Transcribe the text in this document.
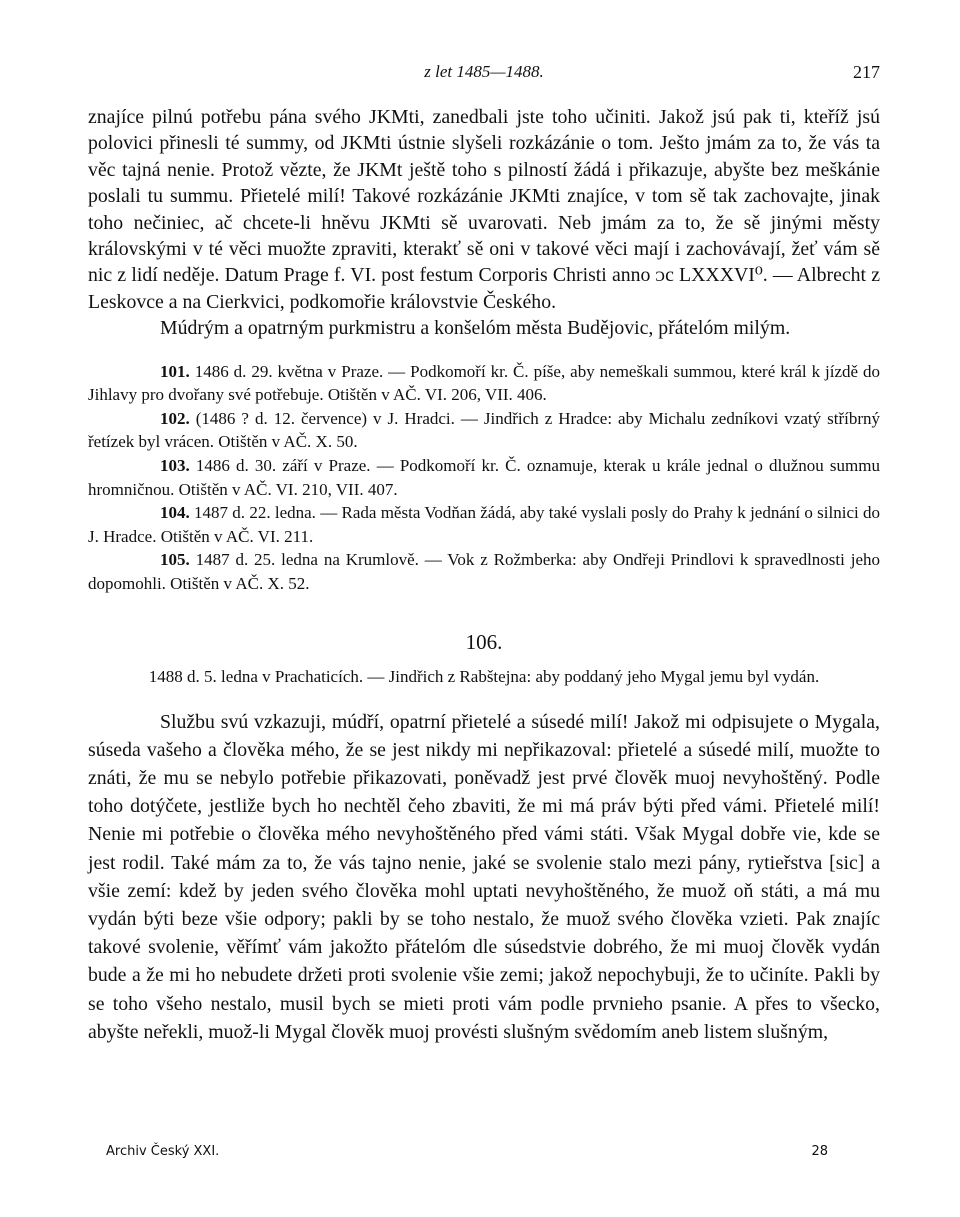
z let 1485—1488.	217

znajíce pilnú potřebu pána svého JKMti, zanedbali jste toho učiniti. Jakož jsú pak ti, kteříž jsú polovici přinesli té summy, od JKMti ústnie slyšeli rozkázánie o tom. Ješto jmám za to, že vás ta věc tajná nenie. Protož vězte, že JKMt ještě toho s pilností žádá i přikazuje, abyšte bez meškánie poslali tu summu. Přietelé milí! Takové rozkázánie JKMti znajíce, v tom sě tak zachovajte, jinak toho nečiniec, ač chcete-li hněvu JKMti sě uvarovati. Neb jmám za to, že sě jinými městy královskými v té věci muožte zpraviti, kterakť sě oni v takové věci mají i zachovávají, žeť vám sě nic z lidí neděje. Datum Prage f. VI. post festum Corporis Christi anno ᴐc LXXXVI⁰. — Albrecht z Leskovce a na Cierkvici, podkomořie královstvie Českého.

Múdrým a opatrným purkmistru a konšelóm města Budějovic, přátelóm milým.

101. 1486 d. 29. května v Praze. — Podkomoří kr. Č. píše, aby nemeškali summou, které král k jízdě do Jihlavy pro dvořany své potřebuje. Otištěn v AČ. VI. 206, VII. 406.

102. (1486 ? d. 12. července) v J. Hradci. — Jindřich z Hradce: aby Michalu zedníkovi vzatý stříbrný řetízek byl vrácen. Otištěn v AČ. X. 50.

103. 1486 d. 30. září v Praze. — Podkomoří kr. Č. oznamuje, kterak u krále jednal o dlužnou summu hromničnou. Otištěn v AČ. VI. 210, VII. 407.

104. 1487 d. 22. ledna. — Rada města Vodňan žádá, aby také vyslali posly do Prahy k jednání o silnici do J. Hradce. Otištěn v AČ. VI. 211.

105. 1487 d. 25. ledna na Krumlově. — Vok z Rožmberka: aby Ondřeji Prindlovi k spravedlnosti jeho dopomohli. Otištěn v AČ. X. 52.

106.

1488 d. 5. ledna v Prachaticích. — Jindřich z Rabštejna: aby poddaný jeho Mygal jemu byl vydán.

Službu svú vzkazuji, múdří, opatrní přietelé a súsedé milí! Jakož mi odpisujete o Mygala, súseda vašeho a člověka mého, že se jest nikdy mi nepřikazoval: přietelé a súsedé milí, muožte to znáti, že mu se nebylo potřebie přikazovati, poněvadž jest prvé člověk muoj nevyhoštěný. Podle toho dotýčete, jestliže bych ho nechtěl čeho zbaviti, že mi má práv býti před vámi. Přietelé milí! Nenie mi potřebie o člověka mého nevyhoštěného před vámi státi. Však Mygal dobře vie, kde se jest rodil. Také mám za to, že vás tajno nenie, jaké se svolenie stalo mezi pány, rytieřstva [sic] a všie zemí: kdež by jeden svého člověka mohl uptati nevyhoštěného, že muož oň státi, a má mu vydán býti beze všie odpory; pakli by se toho nestalo, že muož svého člověka vzieti. Pak znajíc takové svolenie, věřímť vám jakožto přátelóm dle súsedstvie dobrého, že mi muoj člověk vydán bude a že mi ho nebudete držeti proti svolenie všie zemi; jakož nepochybuji, že to učiníte. Pakli by se toho všeho nestalo, musil bych se mieti proti vám podle prvnieho psanie. A přes to všecko, abyšte neřekli, muož-li Mygal člověk muoj provésti slušným svědomím aneb listem slušným,

Archiv Český XXI.	28
